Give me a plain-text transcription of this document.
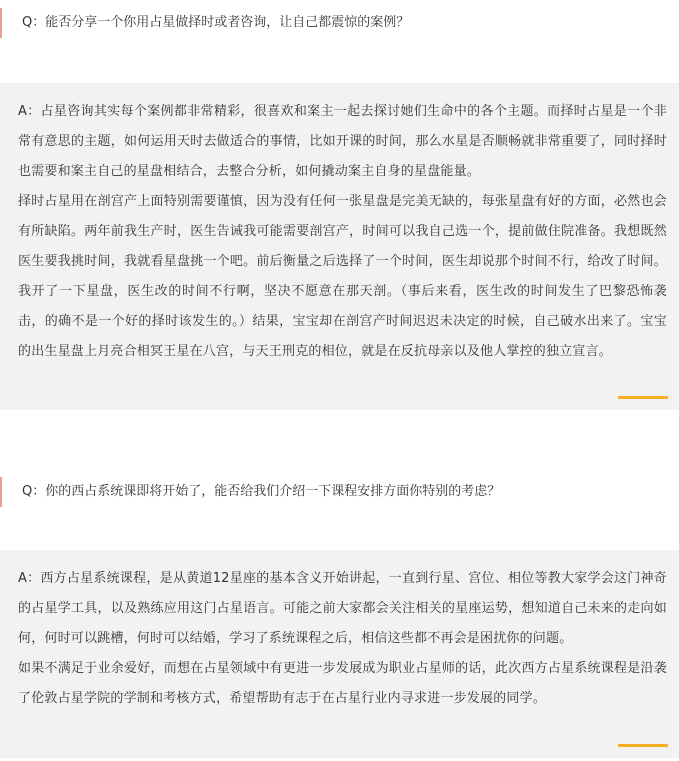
Q：能否分享一个你用占星做择时或者咨询，让自己都震惊的案例？

A：占星咨询其实每个案例都非常精彩，很喜欢和案主一起去探讨她们生命中的各个主题。而择时占星是一个非常有意思的主题，如何运用天时去做适合的事情，比如开课的时间，那么水星是否顺畅就非常重要了，同时择时也需要和案主自己的星盘相结合，去整合分析，如何撬动案主自身的星盘能量。

择时占星用在剖宫产上面特别需要谨慎，因为没有任何一张星盘是完美无缺的，每张星盘有好的方面，必然也会有所缺陷。两年前我生产时，医生告诫我可能需要剖宫产，时间可以我自己选一个，提前做住院准备。我想既然医生要我挑时间，我就看星盘挑一个吧。前后衡量之后选择了一个时间，医生却说那个时间不行，给改了时间。我开了一下星盘，医生改的时间不行啊，坚决不愿意在那天剖。（事后来看，医生改的时间发生了巴黎恐怖袭击，的确不是一个好的择时该发生的。）结果，宝宝却在剖宫产时间迟迟未决定的时候，自己破水出来了。宝宝的出生星盘上月亮合相冥王星在八宫，与天王刑克的相位，就是在反抗母亲以及他人掌控的独立宣言。

Q：你的西占系统课即将开始了，能否给我们介绍一下课程安排方面你特别的考虑？

A：西方占星系统课程，是从黄道12星座的基本含义开始讲起，一直到行星、宫位、相位等教大家学会这门神奇的占星学工具，以及熟练应用这门占星语言。可能之前大家都会关注相关的星座运势，想知道自己未来的走向如何，何时可以跳槽，何时可以结婚，学习了系统课程之后，相信这些都不再会是困扰你的问题。

如果不满足于业余爱好，而想在占星领域中有更进一步发展成为职业占星师的话，此次西方占星系统课程是沿袭了伦敦占星学院的学制和考核方式，希望帮助有志于在占星行业内寻求进一步发展的同学。
